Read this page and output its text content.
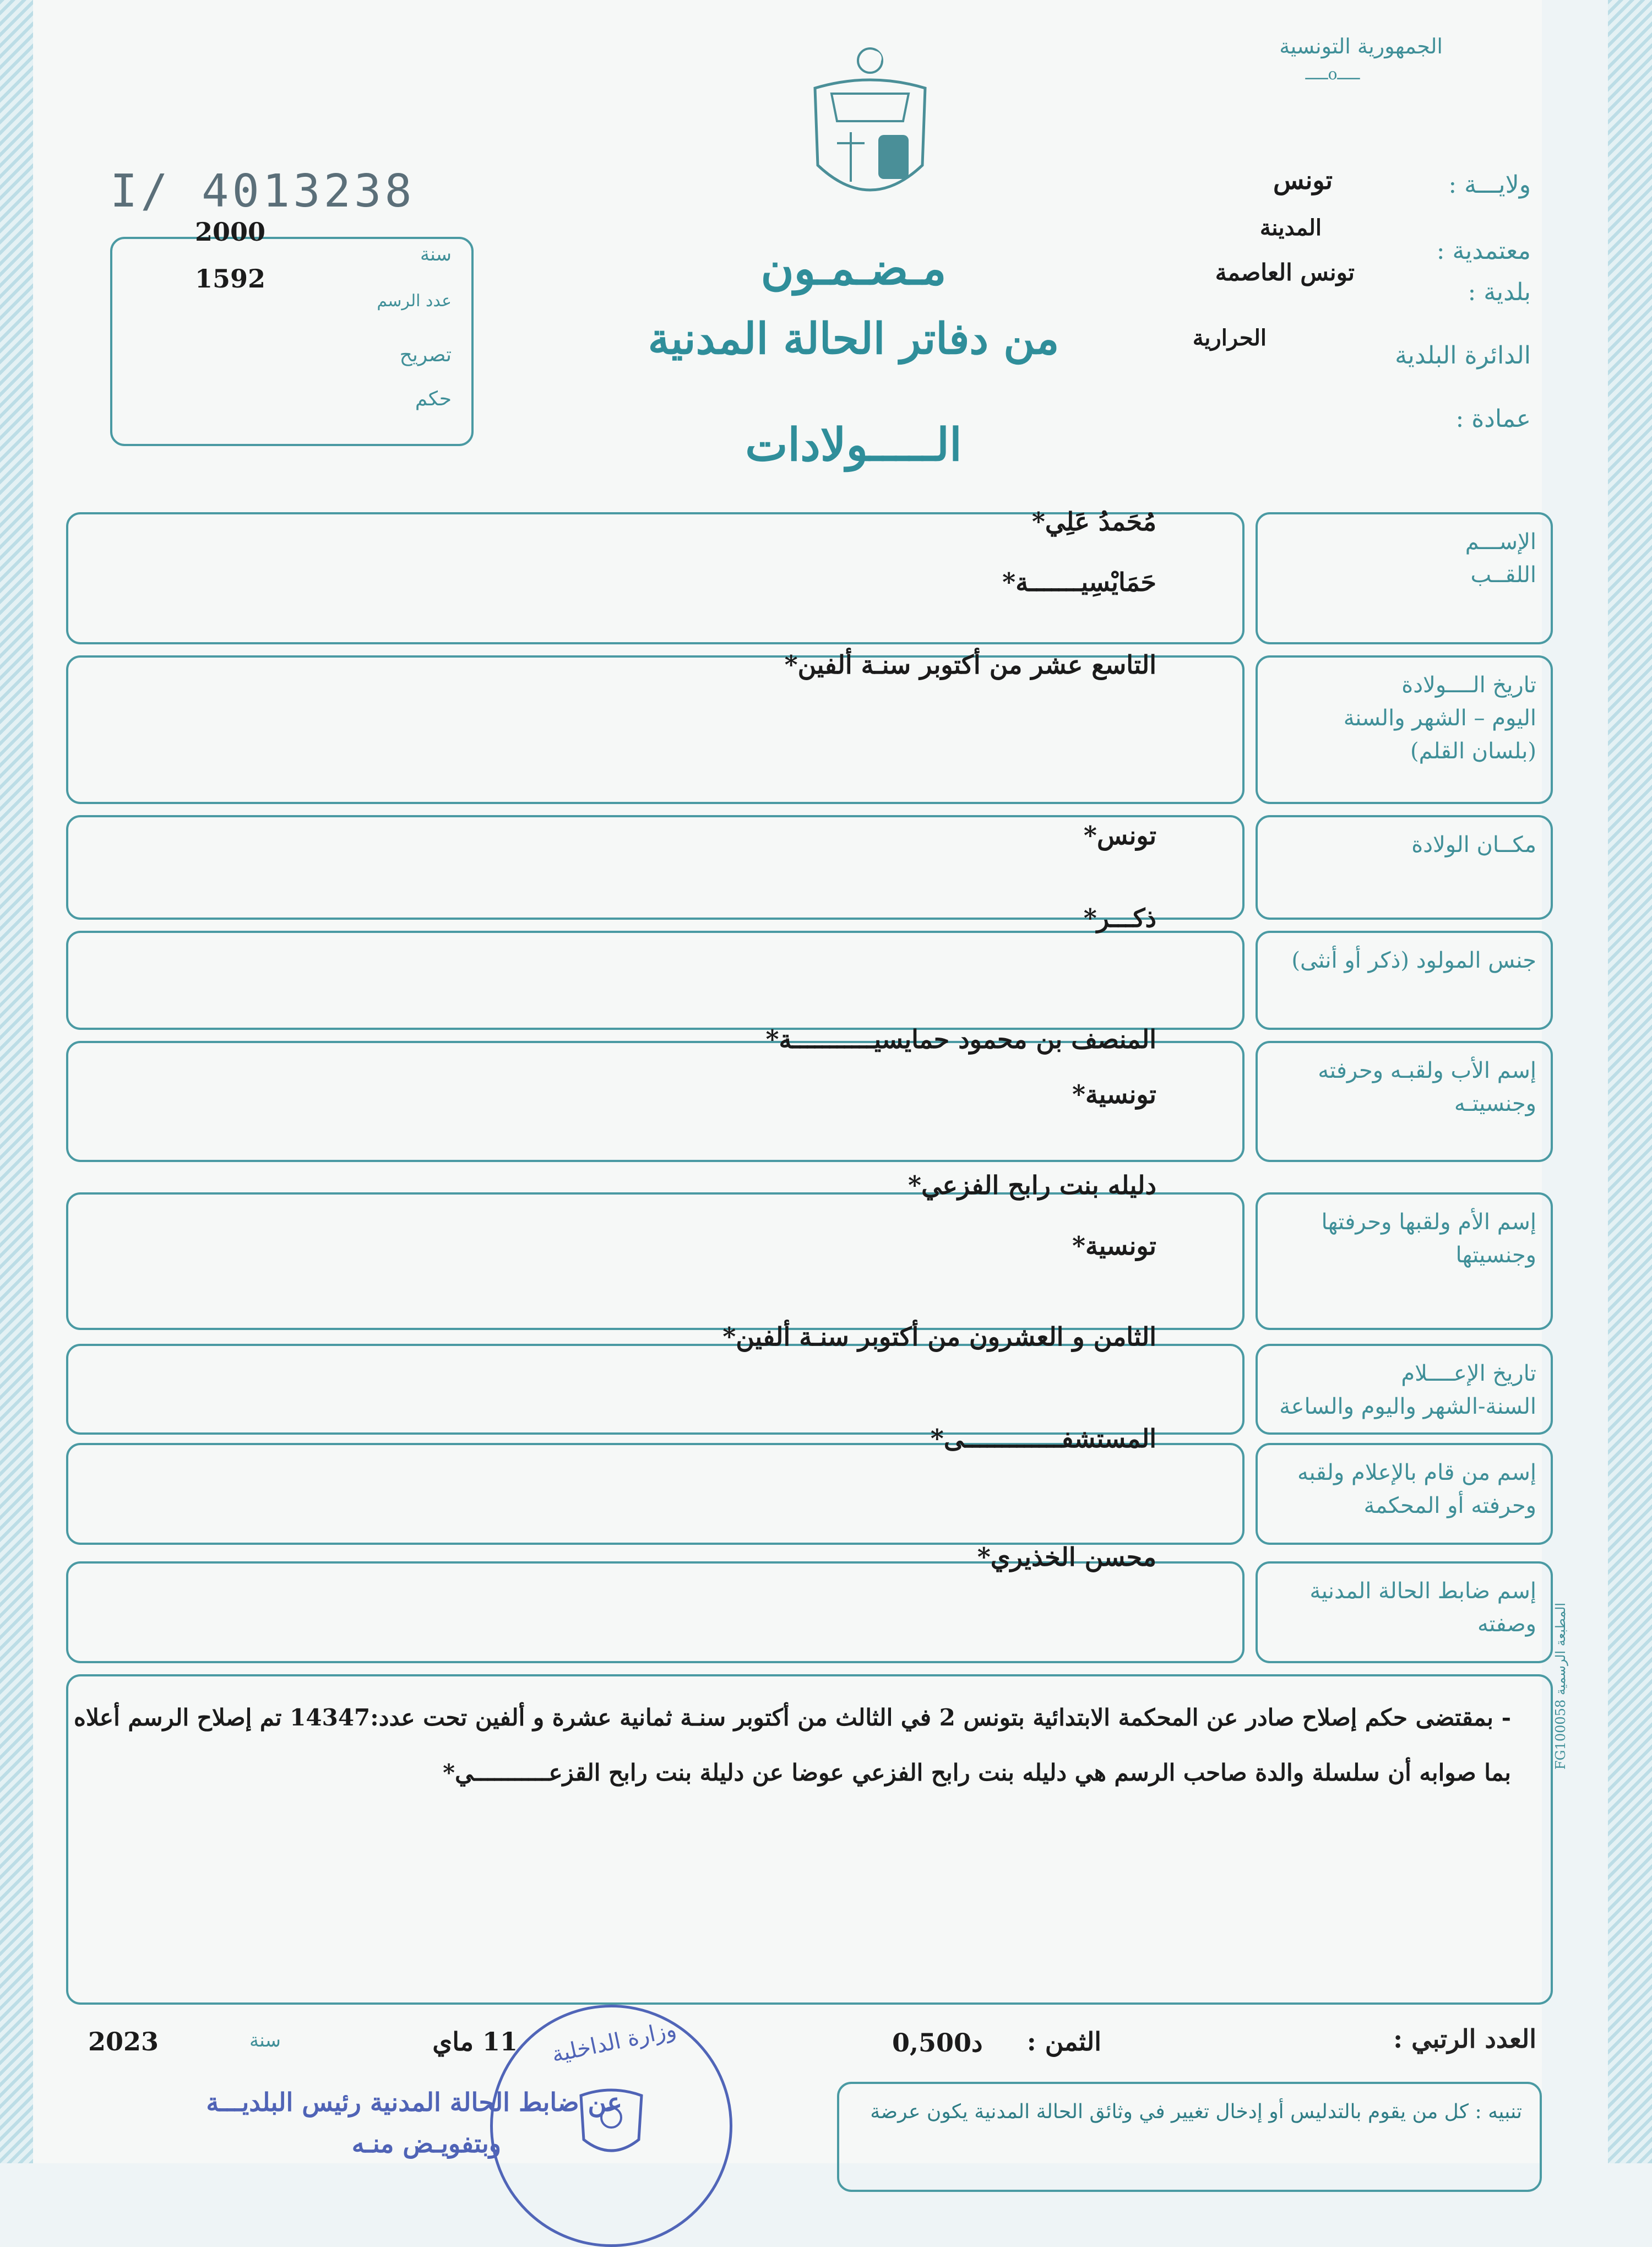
الجمهورية التونسية
ـــــoـــــ
I/ 4013238
2000
سنة
1592
عدد الرسم
تصريح
حكم
مـضـمـون
من دفاتر الحالة المدنية
الـــــولادات
ولايـــة :
تونس
معتمدية :
المدينة
بلدية :
تونس العاصمة
الدائرة البلدية
الحرارية
عمادة :
- بمقتضى حكم إصلاح صادر عن المحكمة الابتدائية بتونس 2 في الثالث من أكتوبر سنـة ثمانية عشرة و ألفين تحت عدد:14347 تم إصلاح الرسم أعلاه
بما صوابه أن سلسلة والدة صاحب الرسم هي دليله بنت رابح الفزعي عوضا عن دليلة بنت رابح القزعـــــــــــي*
المطبعة الرسمية FG100058
العدد الرتبي :
الثمن :
0,500د
11 ماي
سنة
2023
تنبيه : كل من يقوم بالتدليس أو إدخال تغيير في وثائق الحالة المدنية يكون عرضة
عن ضابط الحالة المدنية رئيس البلديـــة
وبتفويـض منـه
وزارة الداخلية
مُحَمدُ عَلِي*
حَمَايْسِيـــــــة*
الإســـم
اللقــب
التاسع عشر من أكتوبر سنـة ألفين*
تاريخ الــــولادة
اليوم – الشهر والسنة
(بلسان القلم)
تونس*	مكــان الولادة
ذكـــر*
جنس المولود (ذكر أو أنثى)
المنصف بن محمود حمايسيـــــــــــة*
تونسية*
إسم الأب ولقبـه وحرفته
وجنسيتـه
دليله بنت رابح الفزعي*
تونسية*
إسم الأم ولقبها وحرفتها
وجنسيتها
الثامن و العشرون من أكتوبر سنـة ألفين*
تاريخ الإعــــلام
السنة-الشهر واليوم والساعة
المستشفـــــــــــــى*
إسم من قام بالإعلام ولقبه
وحرفته أو المحكمة
محسن الخذيري*
إسم ضابط الحالة المدنية
وصفته
